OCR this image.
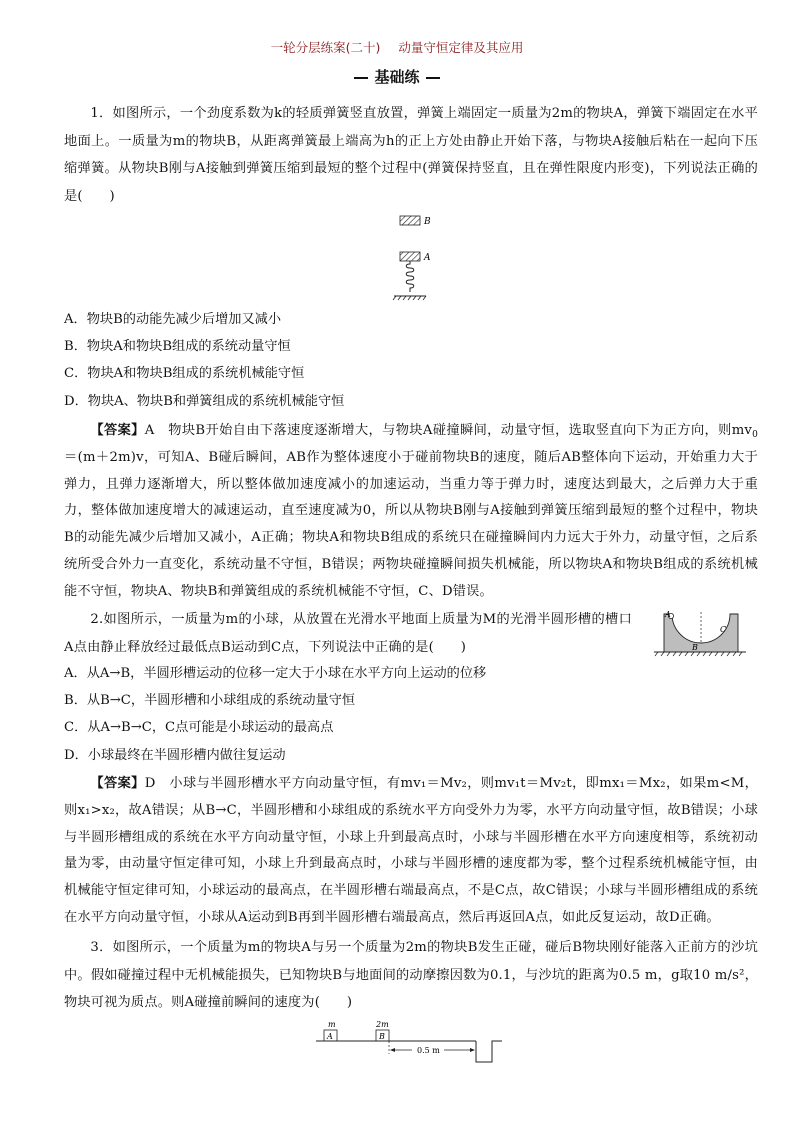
一轮分层练案(二十) 动量守恒定律及其应用
基础练
1．如图所示，一个劲度系数为k的轻质弹簧竖直放置，弹簧上端固定一质量为2m的物块A，弹簧下端固定在水平地面上。一质量为m的物块B，从距离弹簧最上端高为h的正上方处由静止开始下落，与物块A接触后粘在一起向下压缩弹簧。从物块B刚与A接触到弹簧压缩到最短的整个过程中(弹簧保持竖直，且在弹性限度内形变)，下列说法正确的是(　　)
B
A
A．物块B的动能先减少后增加又减小
B．物块A和物块B组成的系统动量守恒
C．物块A和物块B组成的系统机械能守恒
D．物块A、物块B和弹簧组成的系统机械能守恒
【答案】A　物块B开始自由下落速度逐渐增大，与物块A碰撞瞬间，动量守恒，选取竖直向下为正方向，则$mv_0=(m+2m)v$，可知A、B碰后瞬间，AB作为整体速度小于碰前物块B的速度，随后AB整体向下运动，开始重力大于弹力，且弹力逐渐增大，所以整体做加速度减小的加速运动，当重力等于弹力时，速度达到最大，之后弹力大于重力，整体做加速度增大的减速运动，直至速度减为0，所以从物块B刚与A接触到弹簧压缩到最短的整个过程中，物块B的动能先减少后增加又减小，A正确；物块A和物块B组成的系统只在碰撞瞬间内力远大于外力，动量守恒，之后系统所受合外力一直变化，系统动量不守恒，B错误；两物块碰撞瞬间损失机械能，所以物块A和物块B组成的系统机械能不守恒，物块A、物块B和弹簧组成的系统机械能不守恒，C、D错误。
2.如图所示，一质量为m的小球，从放置在光滑水平地面上质量为M的光滑半圆形槽的槽口A点由静止释放经过最低点B运动到C点，下列说法中正确的是(　　)
A
B
C
A．从A→B，半圆形槽运动的位移一定大于小球在水平方向上运动的位移
B．从B→C，半圆形槽和小球组成的系统动量守恒
C．从A→B→C，C点可能是小球运动的最高点
D．小球最终在半圆形槽内做往复运动
【答案】D　小球与半圆形槽水平方向动量守恒，有mv₁＝Mv₂，则mv₁t＝Mv₂t，即mx₁＝Mx₂，如果m<M，则x₁>x₂，故A错误；从B→C，半圆形槽和小球组成的系统水平方向受外力为零，水平方向动量守恒，故B错误；小球与半圆形槽组成的系统在水平方向动量守恒，小球上升到最高点时，小球与半圆形槽在水平方向速度相等，系统初动量为零，由动量守恒定律可知，小球上升到最高点时，小球与半圆形槽的速度都为零，整个过程系统机械能守恒，由机械能守恒定律可知，小球运动的最高点，在半圆形槽右端最高点，不是C点，故C错误；小球与半圆形槽组成的系统在水平方向动量守恒，小球从A运动到B再到半圆形槽右端最高点，然后再返回A点，如此反复运动，故D正确。
3．如图所示，一个质量为m的物块A与另一个质量为2m的物块B发生正碰，碰后B物块刚好能落入正前方的沙坑中。假如碰撞过程中无机械能损失，已知物块B与地面间的动摩擦因数为0.1，与沙坑的距离为0.5 m，g取10 m/s²，物块可视为质点。则A碰撞前瞬间的速度为(　　)
m	2m
A	B
0.5 m
